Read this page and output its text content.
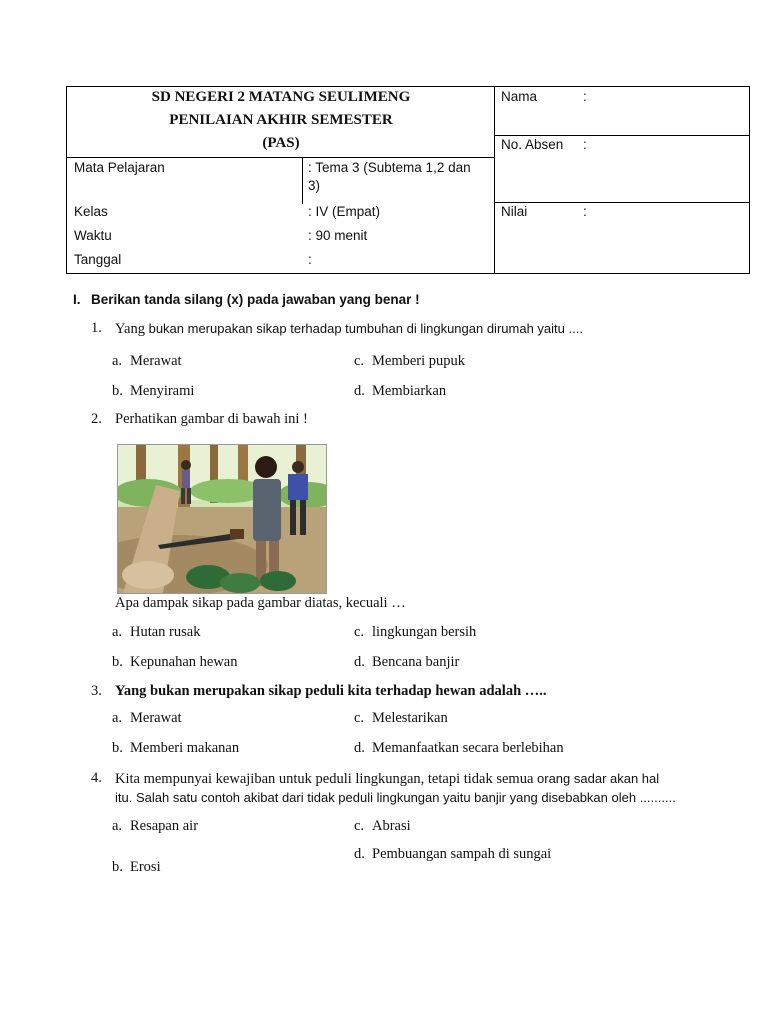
SD NEGERI 2 MATANG SEULIMENG
PENILAIAN AKHIR SEMESTER
(PAS)
Mata Pelajaran	: Tema 3 (Subtema 1,2 dan
3)
Kelas	: IV (Empat)
Waktu	: 90 menit
Tanggal	:
Nama	:
No. Absen :
Nilai	:
I. Berikan tanda silang (x) pada jawaban yang benar !
1. Yang bukan merupakan sikap terhadap tumbuhan di lingkungan dirumah yaitu ....
a. Merawat	c. Memberi pupuk
b. Menyirami	d. Membiarkan
2. Perhatikan gambar di bawah ini !
Apa dampak sikap pada gambar diatas, kecuali …
a. Hutan rusak	c. lingkungan bersih
b. Kepunahan hewan	d. Bencana banjir
3. Yang bukan merupakan sikap peduli kita terhadap hewan adalah …..
a. Merawat	c. Melestarikan
b. Memberi makanan	d. Memanfaatkan secara berlebihan
4. Kita mempunyai kewajiban untuk peduli lingkungan, tetapi tidak semua orang sadar akan hal
itu. Salah satu contoh akibat dari tidak peduli lingkungan yaitu banjir yang disebabkan oleh ..........
a. Resapan air	c. Abrasi
d. Pembuangan sampah di sungai
b. Erosi
